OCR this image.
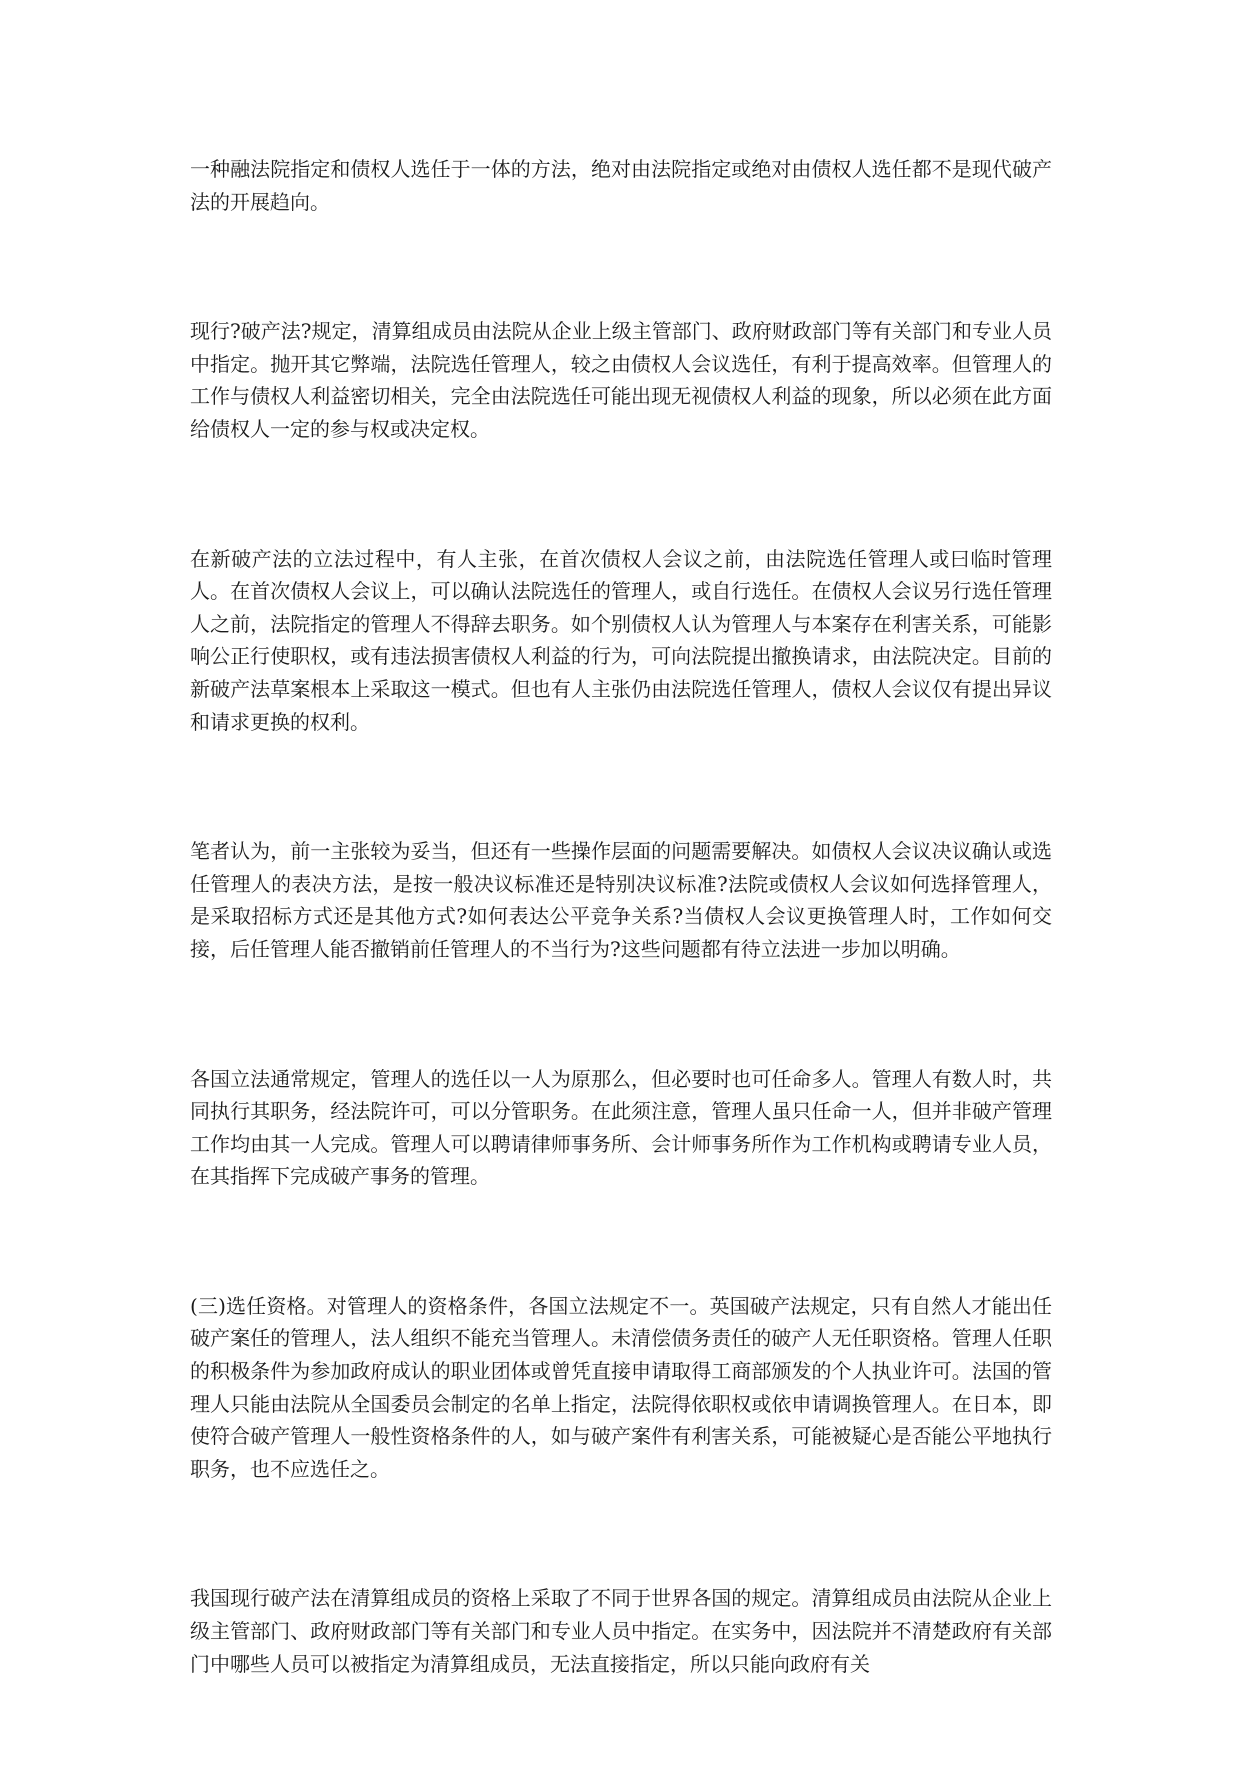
一种融法院指定和债权人选任于一体的方法，绝对由法院指定或绝对由债权人选任都不是现代破产法的开展趋向。

现行?破产法?规定，清算组成员由法院从企业上级主管部门、政府财政部门等有关部门和专业人员中指定。抛开其它弊端，法院选任管理人，较之由债权人会议选任，有利于提高效率。但管理人的工作与债权人利益密切相关，完全由法院选任可能出现无视债权人利益的现象，所以必须在此方面给债权人一定的参与权或决定权。

在新破产法的立法过程中，有人主张，在首次债权人会议之前，由法院选任管理人或曰临时管理人。在首次债权人会议上，可以确认法院选任的管理人，或自行选任。在债权人会议另行选任管理人之前，法院指定的管理人不得辞去职务。如个别债权人认为管理人与本案存在利害关系，可能影响公正行使职权，或有违法损害债权人利益的行为，可向法院提出撤换请求，由法院决定。目前的新破产法草案根本上采取这一模式。但也有人主张仍由法院选任管理人，债权人会议仅有提出异议和请求更换的权利。

笔者认为，前一主张较为妥当，但还有一些操作层面的问题需要解决。如债权人会议决议确认或选任管理人的表决方法，是按一般决议标准还是特别决议标准?法院或债权人会议如何选择管理人，是采取招标方式还是其他方式?如何表达公平竞争关系?当债权人会议更换管理人时，工作如何交接，后任管理人能否撤销前任管理人的不当行为?这些问题都有待立法进一步加以明确。

各国立法通常规定，管理人的选任以一人为原那么，但必要时也可任命多人。管理人有数人时，共同执行其职务，经法院许可，可以分管职务。在此须注意，管理人虽只任命一人，但并非破产管理工作均由其一人完成。管理人可以聘请律师事务所、会计师事务所作为工作机构或聘请专业人员，在其指挥下完成破产事务的管理。

(三)选任资格。对管理人的资格条件，各国立法规定不一。英国破产法规定，只有自然人才能出任破产案任的管理人，法人组织不能充当管理人。未清偿债务责任的破产人无任职资格。管理人任职的积极条件为参加政府成认的职业团体或曾凭直接申请取得工商部颁发的个人执业许可。法国的管理人只能由法院从全国委员会制定的名单上指定，法院得依职权或依申请调换管理人。在日本，即使符合破产管理人一般性资格条件的人，如与破产案件有利害关系，可能被疑心是否能公平地执行职务，也不应选任之。

我国现行破产法在清算组成员的资格上采取了不同于世界各国的规定。清算组成员由法院从企业上级主管部门、政府财政部门等有关部门和专业人员中指定。在实务中，因法院并不清楚政府有关部门中哪些人员可以被指定为清算组成员，无法直接指定，所以只能向政府有关
